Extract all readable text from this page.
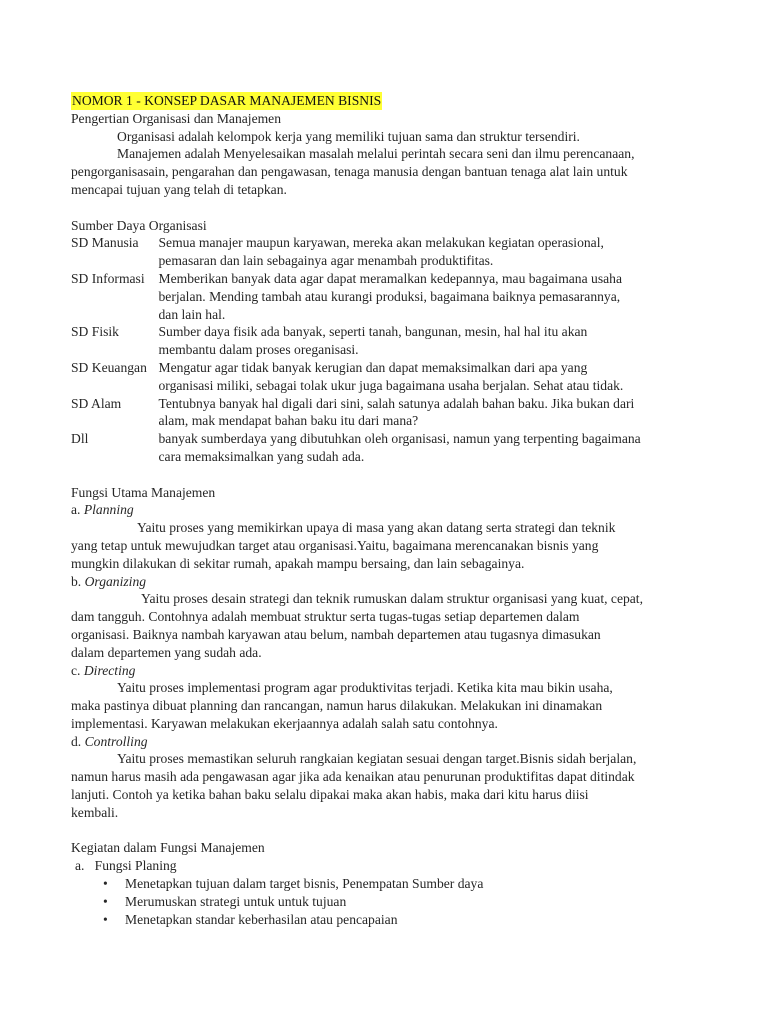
NOMOR 1 - KONSEP DASAR MANAJEMEN BISNIS
Pengertian Organisasi dan Manajemen
Organisasi adalah kelompok kerja yang memiliki tujuan sama dan struktur tersendiri.
Manajemen adalah Menyelesaikan masalah melalui perintah secara seni dan ilmu perencanaan,
pengorganisasain, pengarahan dan pengawasan, tenaga manusia dengan bantuan tenaga alat lain untuk
mencapai tujuan yang telah di tetapkan.
Sumber Daya Organisasi
SD Manusia	Semua manajer maupun karyawan, mereka akan melakukan kegiatan operasional,
pemasaran dan lain sebagainya agar menambah produktifitas.

SD Informasi	Memberikan banyak data agar dapat meramalkan kedepannya, mau bagaimana usaha
berjalan. Mending tambah atau kurangi produksi, bagaimana baiknya pemasarannya,
dan lain hal.

SD Fisik	Sumber daya fisik ada banyak, seperti tanah, bangunan, mesin, hal hal itu akan
membantu dalam proses oreganisasi.

SD Keuangan	Mengatur agar tidak banyak kerugian dan dapat memaksimalkan dari apa yang
organisasi miliki, sebagai tolak ukur juga bagaimana usaha berjalan. Sehat atau tidak.

SD Alam	Tentubnya banyak hal digali dari sini, salah satunya adalah bahan baku. Jika bukan dari
alam, mak mendapat bahan baku itu dari mana?

Dll	banyak sumberdaya yang dibutuhkan oleh organisasi, namun yang terpenting bagaimana
cara memaksimalkan yang sudah ada.
Fungsi Utama Manajemen
a. Planning
Yaitu proses yang memikirkan upaya di masa yang akan datang serta strategi dan teknik
yang tetap untuk mewujudkan target atau organisasi.Yaitu, bagaimana merencanakan bisnis yang
mungkin dilakukan di sekitar rumah, apakah mampu bersaing, dan lain sebagainya.
b. Organizing
Yaitu proses desain strategi dan teknik rumuskan dalam struktur organisasi yang kuat, cepat,
dam tangguh. Contohnya adalah membuat struktur serta tugas-tugas setiap departemen dalam
organisasi. Baiknya nambah karyawan atau belum, nambah departemen atau tugasnya dimasukan
dalam departemen yang sudah ada.
c. Directing
Yaitu proses implementasi program agar produktivitas terjadi. Ketika kita mau bikin usaha,
maka pastinya dibuat planning dan rancangan, namun harus dilakukan. Melakukan ini dinamakan
implementasi. Karyawan melakukan ekerjaannya adalah salah satu contohnya.
d. Controlling
Yaitu proses memastikan seluruh rangkaian kegiatan sesuai dengan target.Bisnis sidah berjalan,
namun harus masih ada pengawasan agar jika ada kenaikan atau penurunan produktifitas dapat ditindak
lanjuti. Contoh ya ketika bahan baku selalu dipakai maka akan habis, maka dari kitu harus diisi
kembali.
Kegiatan dalam Fungsi Manajemen
a. Fungsi Planing
• Menetapkan tujuan dalam target bisnis, Penempatan Sumber daya
• Merumuskan strategi untuk untuk tujuan
• Menetapkan standar keberhasilan atau pencapaian
